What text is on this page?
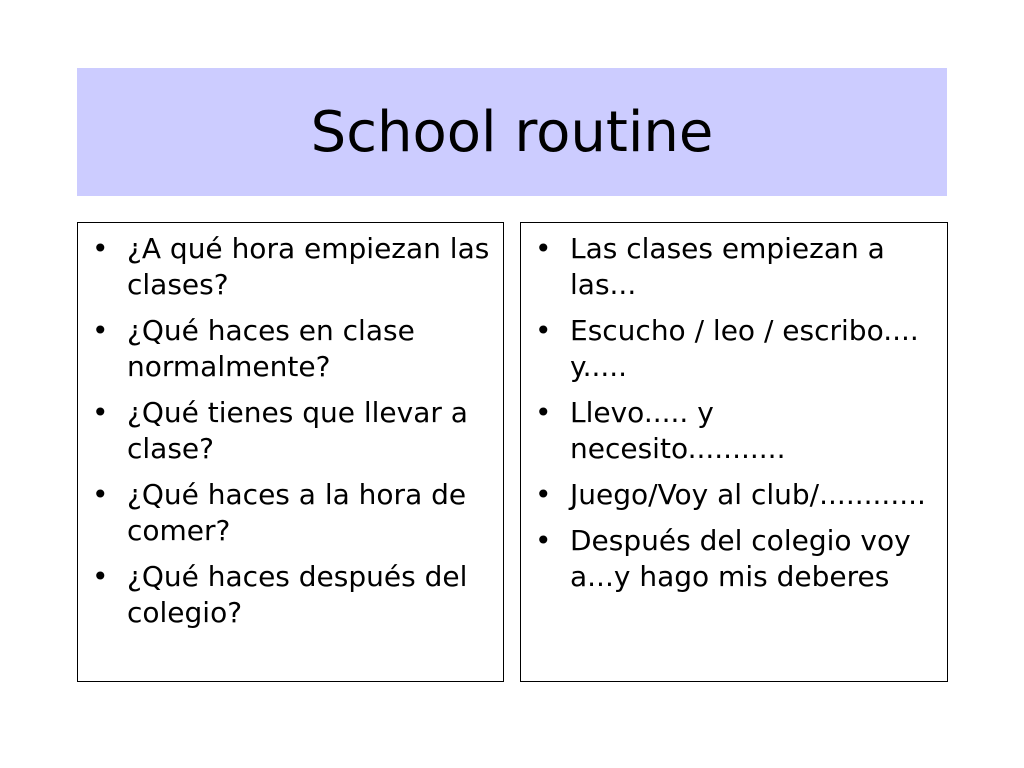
School routine
• ¿A qué hora empiezan las clases?
• ¿Qué haces en clase normalmente?
• ¿Qué tienes que llevar a clase?
• ¿Qué haces a la hora de comer?
• ¿Qué haces después del colegio?
• Las clases empiezan a las...
• Escucho / leo / escribo.... y.....
• Llevo..... y necesito...........
• Juego/Voy al club/............
• Después del colegio voy a...y hago mis deberes
